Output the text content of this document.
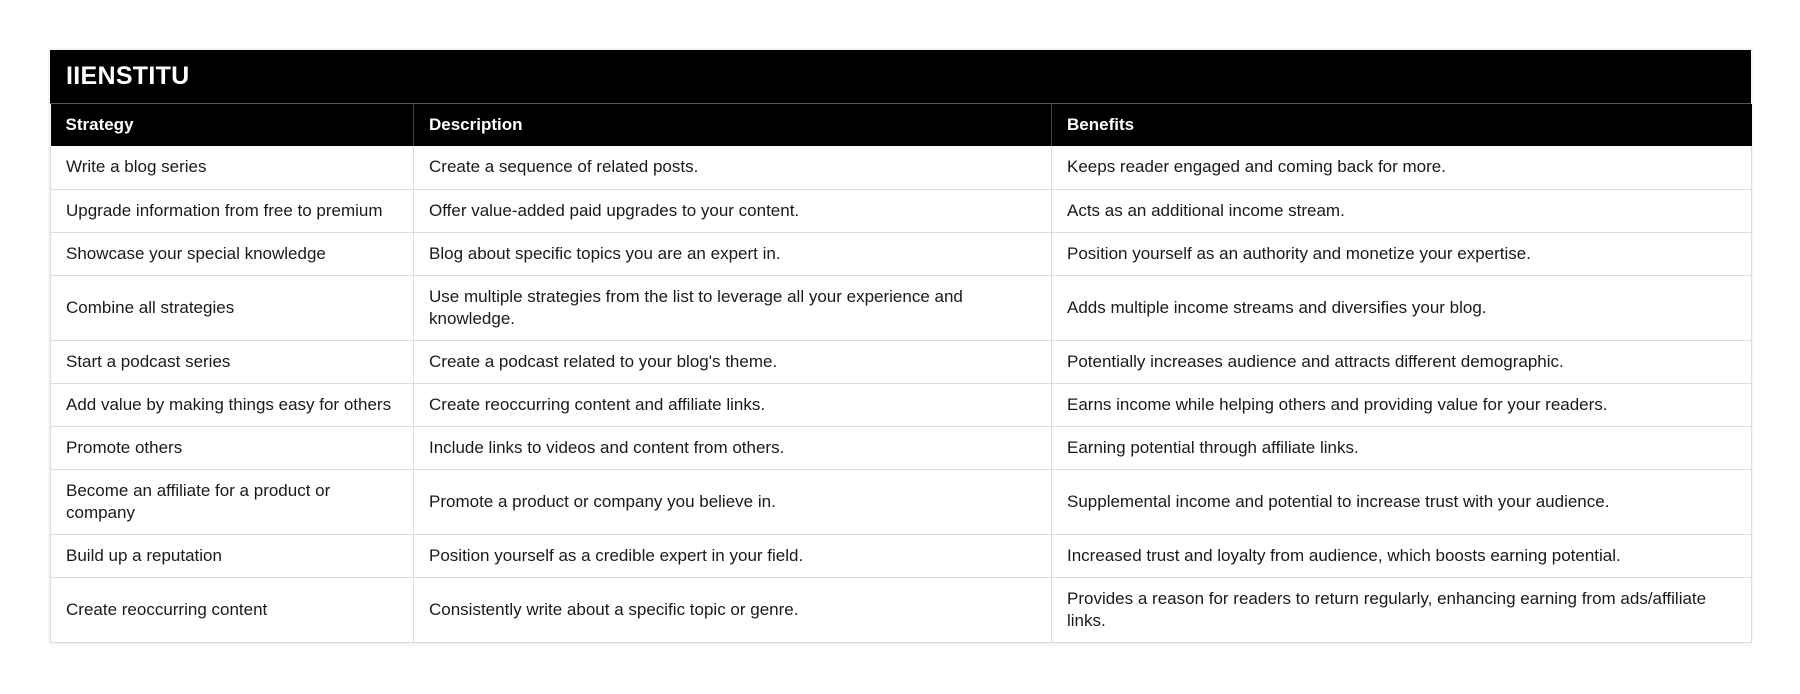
IIENSTITU
Strategy	Description	Benefits
Write a blog series	Create a sequence of related posts.	Keeps reader engaged and coming back for more.
Upgrade information from free to premium	Offer value-added paid upgrades to your content.	Acts as an additional income stream.
Showcase your special knowledge	Blog about specific topics you are an expert in.	Position yourself as an authority and monetize your expertise.
Combine all strategies	Use multiple strategies from the list to leverage all your experience and knowledge.	Adds multiple income streams and diversifies your blog.
Start a podcast series	Create a podcast related to your blog's theme.	Potentially increases audience and attracts different demographic.
Add value by making things easy for others	Create reoccurring content and affiliate links.	Earns income while helping others and providing value for your readers.
Promote others	Include links to videos and content from others.	Earning potential through affiliate links.
Become an affiliate for a product or company	Promote a product or company you believe in.	Supplemental income and potential to increase trust with your audience.
Build up a reputation	Position yourself as a credible expert in your field.	Increased trust and loyalty from audience, which boosts earning potential.
Create reoccurring content	Consistently write about a specific topic or genre.	Provides a reason for readers to return regularly, enhancing earning from ads/affiliate links.
